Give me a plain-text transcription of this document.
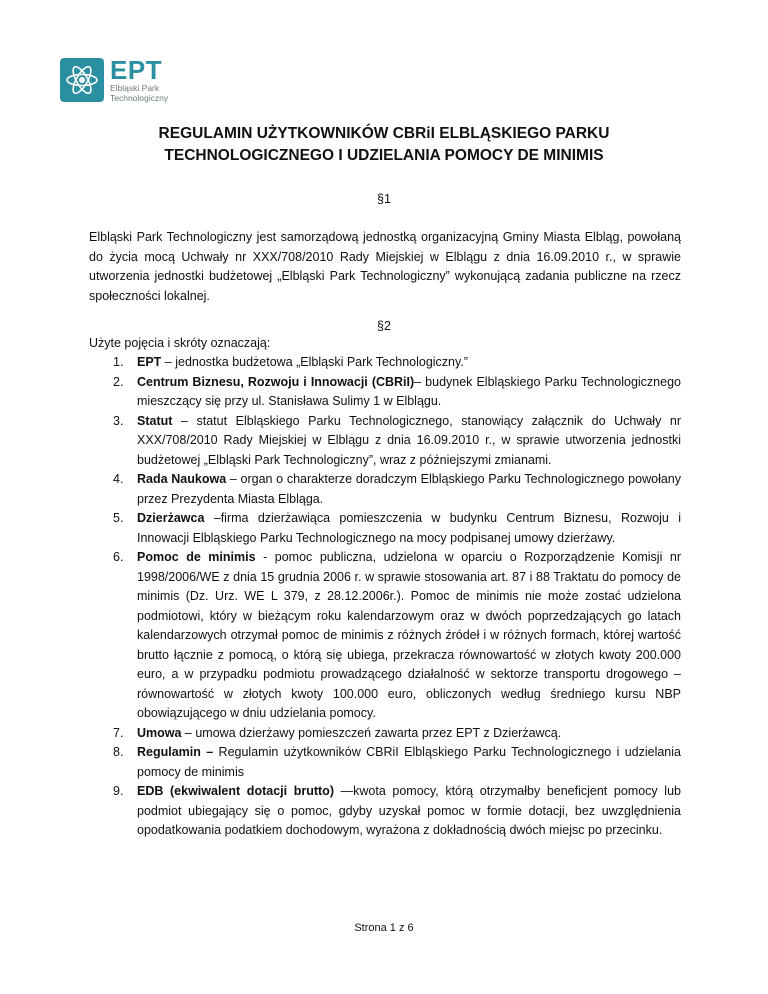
EPT
Elbląski Park
Technologiczny
REGULAMIN UŻYTKOWNIKÓW CBRiI ELBLĄSKIEGO PARKU
TECHNOLOGICZNEGO I UDZIELANIA POMOCY DE MINIMIS
§1
Elbląski Park Technologiczny jest samorządową jednostką organizacyjną Gminy Miasta Elbląg, powołaną do życia mocą Uchwały nr XXX/708/2010 Rady Miejskiej w Elblągu z dnia 16.09.2010 r., w sprawie utworzenia jednostki budżetowej „Elbląski Park Technologiczny” wykonującą zadania publiczne na rzecz społeczności lokalnej.
§2
Użyte pojęcia i skróty oznaczają:
1. EPT – jednostka budżetowa „Elbląski Park Technologiczny.”
2. Centrum Biznesu, Rozwoju i Innowacji (CBRiI)– budynek Elbląskiego Parku Technologicznego mieszczący się przy ul. Stanisława Sulimy 1 w Elblągu.
3. Statut – statut Elbląskiego Parku Technologicznego, stanowiący załącznik do Uchwały nr XXX/708/2010 Rady Miejskiej w Elblągu z dnia 16.09.2010 r., w sprawie utworzenia jednostki budżetowej „Elbląski Park Technologiczny”, wraz z późniejszymi zmianami.
4. Rada Naukowa – organ o charakterze doradczym Elbląskiego Parku Technologicznego powołany przez Prezydenta Miasta Elbląga.
5. Dzierżawca –firma dzierżawiąca pomieszczenia w budynku Centrum Biznesu, Rozwoju i Innowacji Elbląskiego Parku Technologicznego na mocy podpisanej umowy dzierżawy.
6. Pomoc de minimis - pomoc publiczna, udzielona w oparciu o Rozporządzenie Komisji nr 1998/2006/WE z dnia 15 grudnia 2006 r. w sprawie stosowania art. 87 i 88 Traktatu do pomocy de minimis (Dz. Urz. WE L 379, z 28.12.2006r.). Pomoc de minimis nie może zostać udzielona podmiotowi, który w bieżącym roku kalendarzowym oraz w dwóch poprzedzających go latach kalendarzowych otrzymał pomoc de minimis z różnych źródeł i w różnych formach, której wartość brutto łącznie z pomocą, o którą się ubiega, przekracza równowartość w złotych kwoty 200.000 euro, a w przypadku podmiotu prowadzącego działalność w sektorze transportu drogowego – równowartość w złotych kwoty 100.000 euro, obliczonych według średniego kursu NBP obowiązującego w dniu udzielania pomocy.
7. Umowa – umowa dzierżawy pomieszczeń zawarta przez EPT z Dzierżawcą.
8. Regulamin – Regulamin użytkowników CBRiI Elbląskiego Parku Technologicznego i udzielania pomocy de minimis
9. EDB (ekwiwalent dotacji brutto) —kwota pomocy, którą otrzymałby beneficjent pomocy lub podmiot ubiegający się o pomoc, gdyby uzyskał pomoc w formie dotacji, bez uwzględnienia opodatkowania podatkiem dochodowym, wyrażona z dokładnością dwóch miejsc po przecinku.
Strona 1 z 6
